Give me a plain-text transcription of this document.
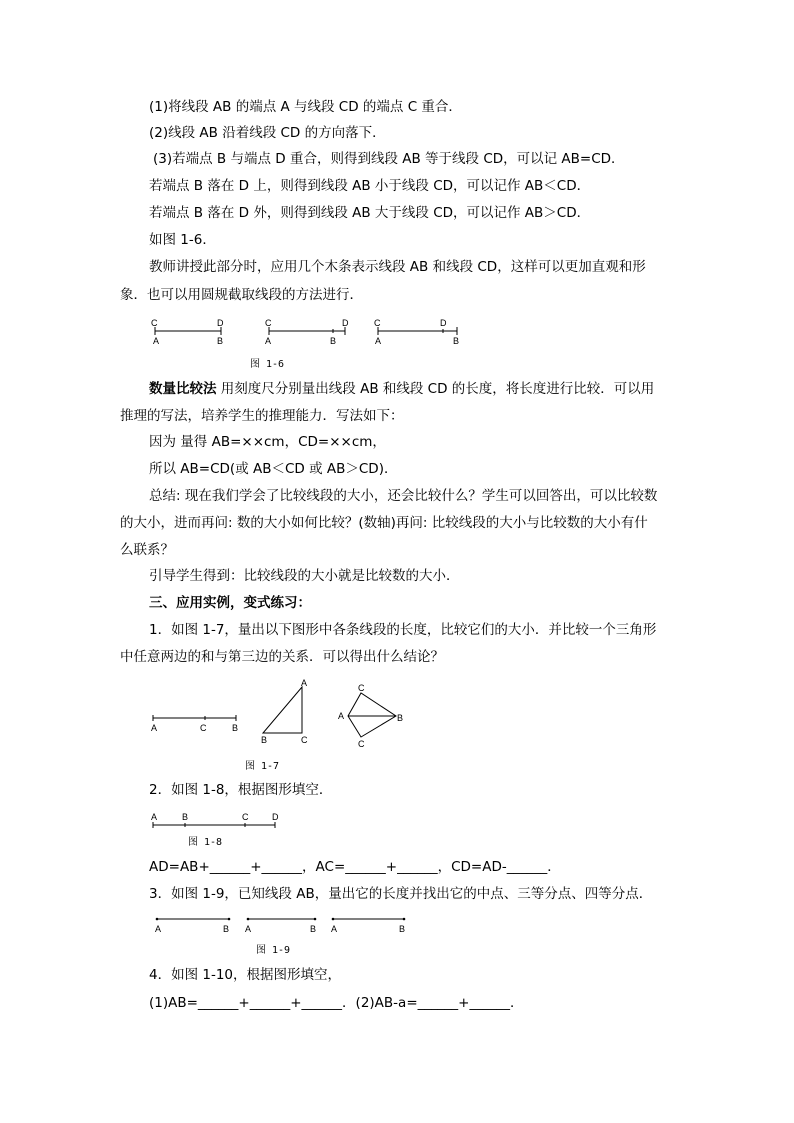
(1)将线段 AB 的端点 A 与线段 CD 的端点 C 重合．
(2)线段 AB 沿着线段 CD 的方向落下．
(3)若端点 B 与端点 D 重合，则得到线段 AB 等于线段 CD，可以记 AB=CD．
若端点 B 落在 D 上，则得到线段 AB 小于线段 CD，可以记作 AB＜CD．
若端点 B 落在 D 外，则得到线段 AB 大于线段 CD，可以记作 AB＞CD．
如图 1-6．
教师讲授此部分时，应用几个木条表示线段 AB 和线段 CD，这样可以更加直观和形
象．也可以用圆规截取线段的方法进行．
C	D
A	B
C	D
A	B
C	D
A	B
图 1-6
数量比较法 用刻度尺分别量出线段 AB 和线段 CD 的长度，将长度进行比较．可以用
推理的写法，培养学生的推理能力．写法如下：
因为 量得 AB=××cm，CD=××cm，
所以 AB=CD(或 AB＜CD 或 AB＞CD)．
总结: 现在我们学会了比较线段的大小，还会比较什么？学生可以回答出，可以比较数
的大小，进而再问: 数的大小如何比较？(数轴)再问: 比较线段的大小与比较数的大小有什
么联系？
引导学生得到：比较线段的大小就是比较数的大小．
三、应用实例，变式练习：
1．如图 1-7，量出以下图形中各条线段的长度，比较它们的大小．并比较一个三角形
中任意两边的和与第三边的关系．可以得出什么结论？
A	C	B
A
B	C
A
C
B
C
图 1-7
2．如图 1-8，根据图形填空．
A	B	C	D
图 1-8
AD=AB+______+______，AC=______+______，CD=AD-______．
3．如图 1-9，已知线段 AB，量出它的长度并找出它的中点、三等分点、四等分点．
A	B A	B A	B
图 1-9
4．如图 1-10，根据图形填空，
(1)AB=______+______+______．(2)AB-a=______+______．
